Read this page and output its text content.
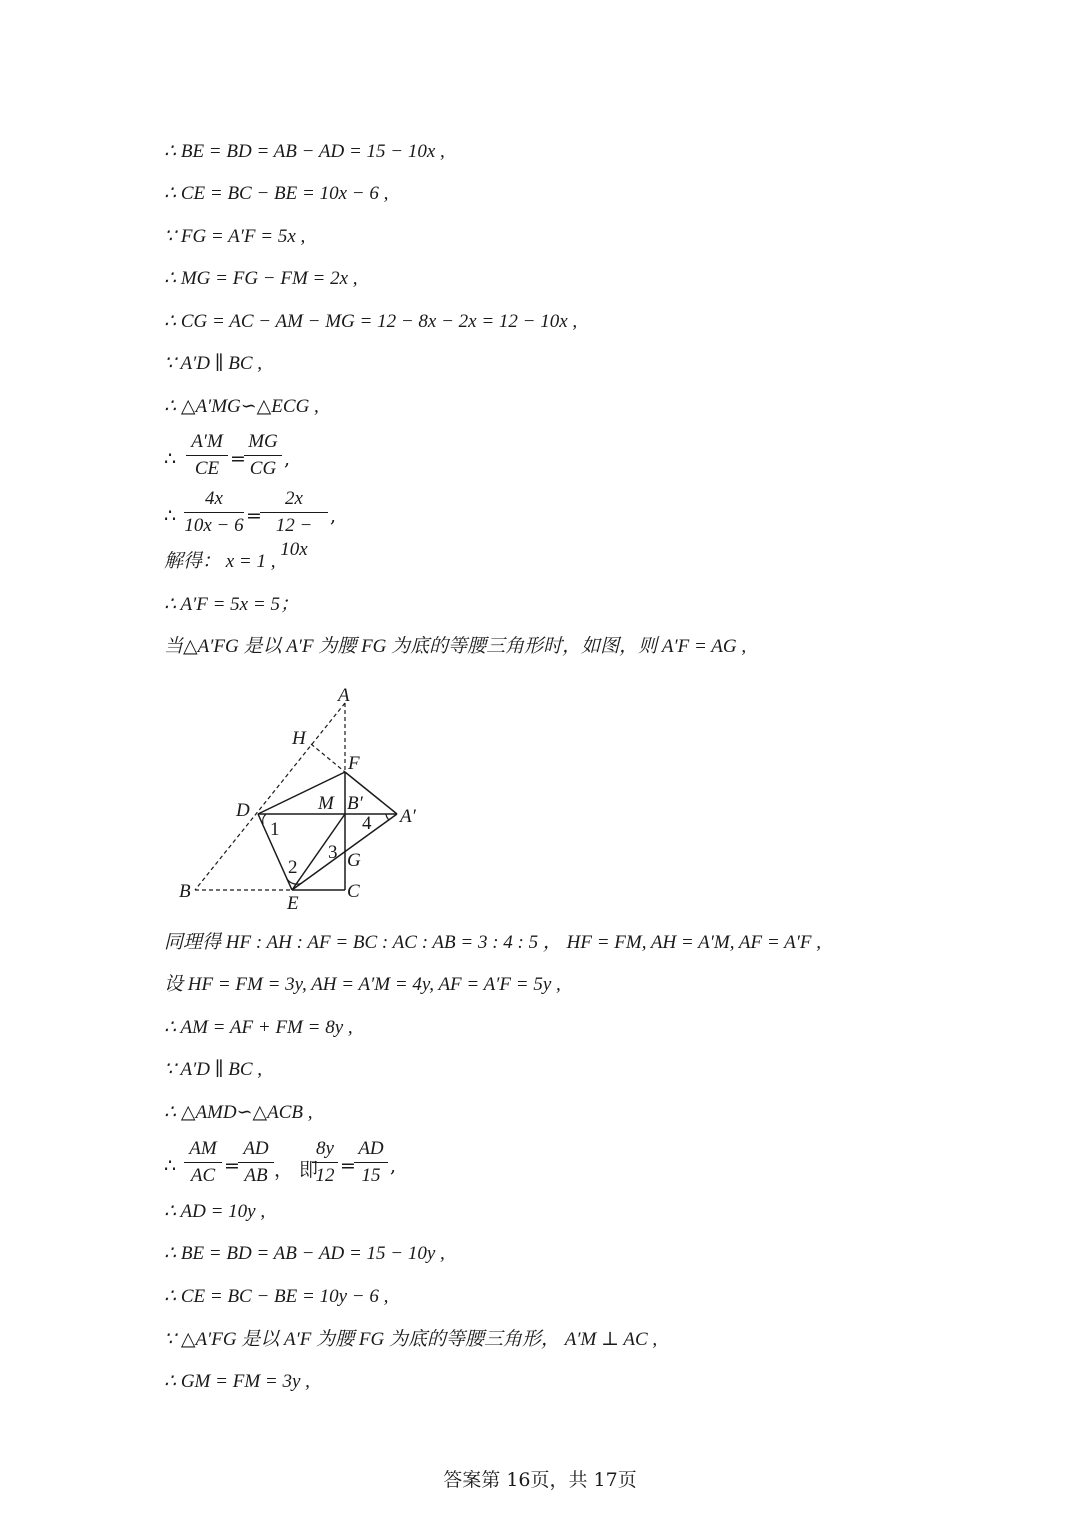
∴ BE = BD = AB − AD = 15 − 10x ,
∴ CE = BC − BE = 10x − 6 ,
∵ FG = A′F = 5x ,
∴ MG = FG − FM = 2x ,
∴ CG = AC − AM − MG = 12 − 8x − 2x = 12 − 10x ,
∵ A′D ∥ BC ,
∴ △A′MG∽△ECG ,
∴
A′M
CE =
MG
CG ,
∴
4x
10x − 6 =
2x
12 − 10x
,
解得： x = 1 ,
∴ A′F = 5x = 5；
当△A′FG 是以 A′F 为腰 FG 为底的等腰三角形时，如图，则 A′F = AG ,
A
H
F
D	M B′
A′
B
E
C
G
1
2
3
4
同理得 HF : AH : AF = BC : AC : AB = 3 : 4 : 5 ， HF = FM, AH = A′M, AF = A′F ,
设 HF = FM = 3y, AH = A′M = 4y, AF = A′F = 5y ,
∴ AM = AF + FM = 8y ,
∵ A′D ∥ BC ,
∴ △AMD∽△ACB ,
∴
AM
AC =
AD
AB ， 即
8y
12 =
AD
15 ,
∴ AD = 10y ,
∴ BE = BD = AB − AD = 15 − 10y ,
∴ CE = BC − BE = 10y − 6 ,
∵ △A′FG 是以 A′F 为腰 FG 为底的等腰三角形， A′M ⊥ AC ,
∴ GM = FM = 3y ,
答案第 16页，共 17页
